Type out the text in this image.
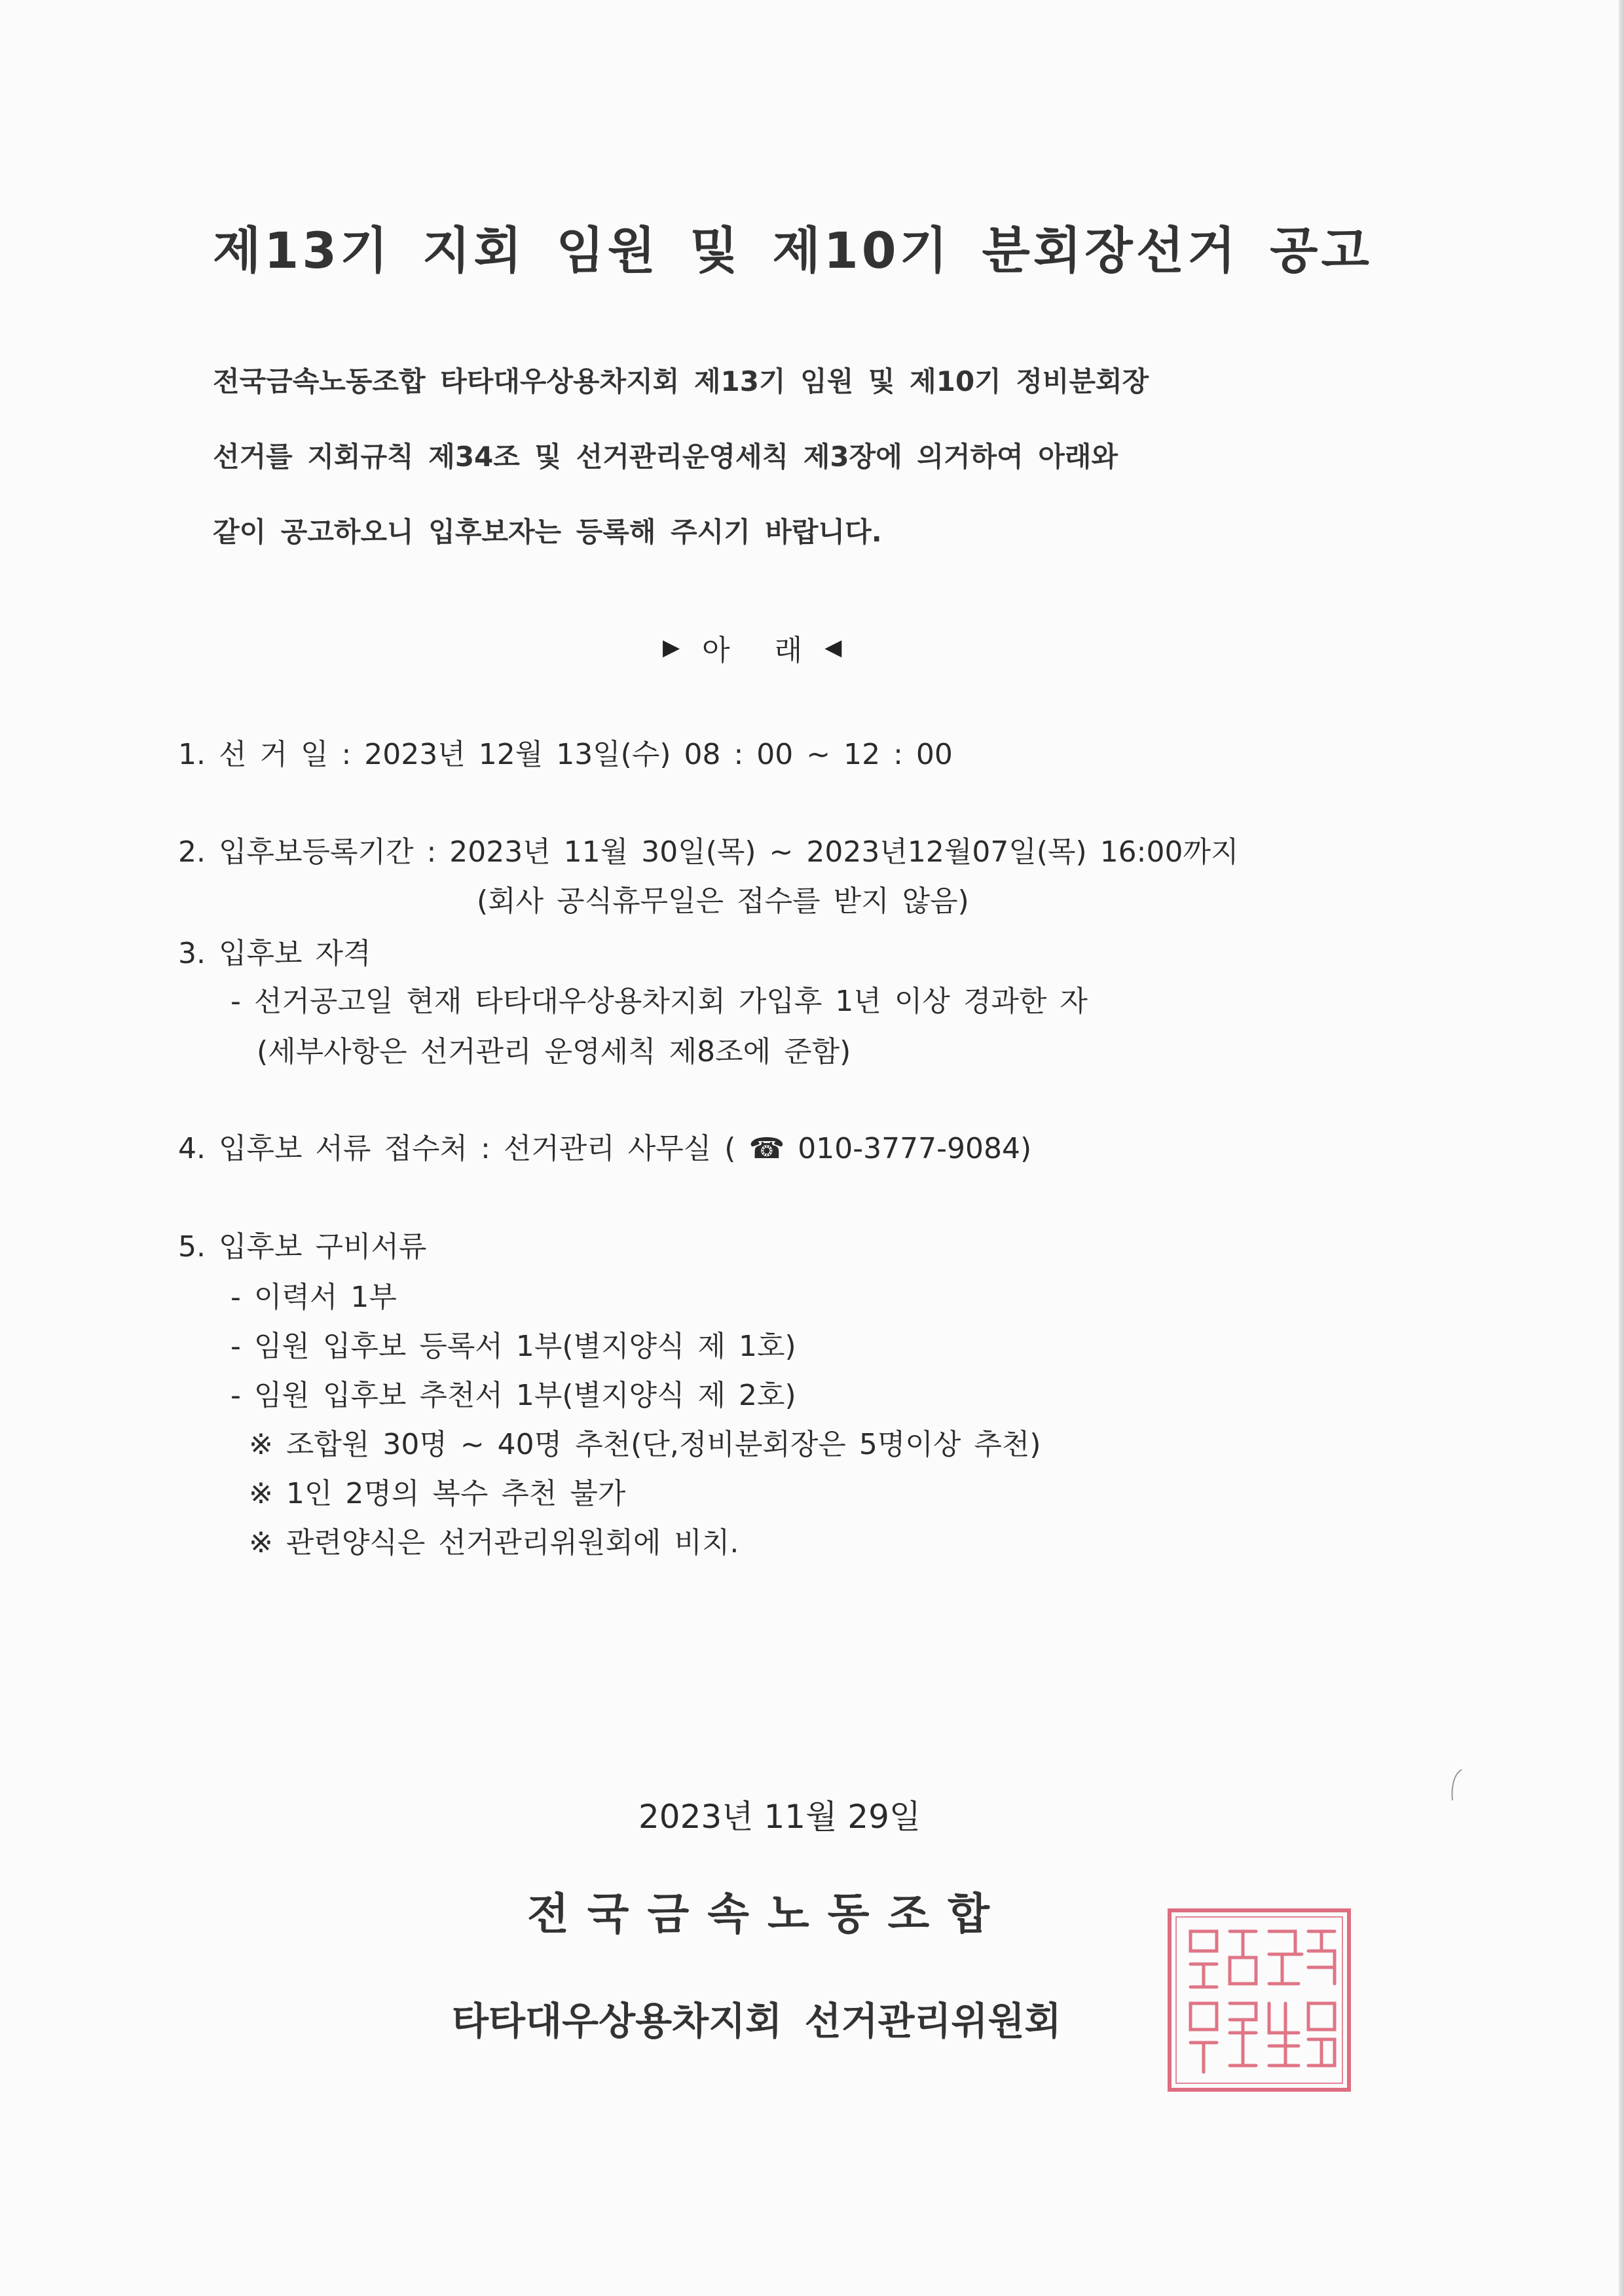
제13기 지회 임원 및 제10기 분회장선거 공고
전국금속노동조합 타타대우상용차지회 제13기 임원 및 제10기 정비분회장
선거를 지회규칙 제34조 및 선거관리운영세칙 제3장에 의거하여 아래와
같이 공고하오니 입후보자는 등록해 주시기 바랍니다.
▶ 아 래 ◀
1. 선 거 일 : 2023년 12월 13일(수) 08 : 00 ~ 12 : 00
2. 입후보등록기간 : 2023년 11월 30일(목) ~ 2023년12월07일(목) 16:00까지
(회사 공식휴무일은 접수를 받지 않음)
3. 입후보 자격
- 선거공고일 현재 타타대우상용차지회 가입후 1년 이상 경과한 자
(세부사항은 선거관리 운영세칙 제8조에 준함)
4. 입후보 서류 접수처 : 선거관리 사무실 ( ☎ 010-3777-9084)
5. 입후보 구비서류
- 이력서 1부
- 임원 입후보 등록서 1부(별지양식 제 1호)
- 임원 입후보 추천서 1부(별지양식 제 2호)
※ 조합원 30명 ~ 40명 추천(단,정비분회장은 5명이상 추천)
※ 1인 2명의 복수 추천 불가
※ 관련양식은 선거관리위원회에 비치.
2023년 11월 29일
전국금속노동조합
타타대우상용차지회 선거관리위원회
